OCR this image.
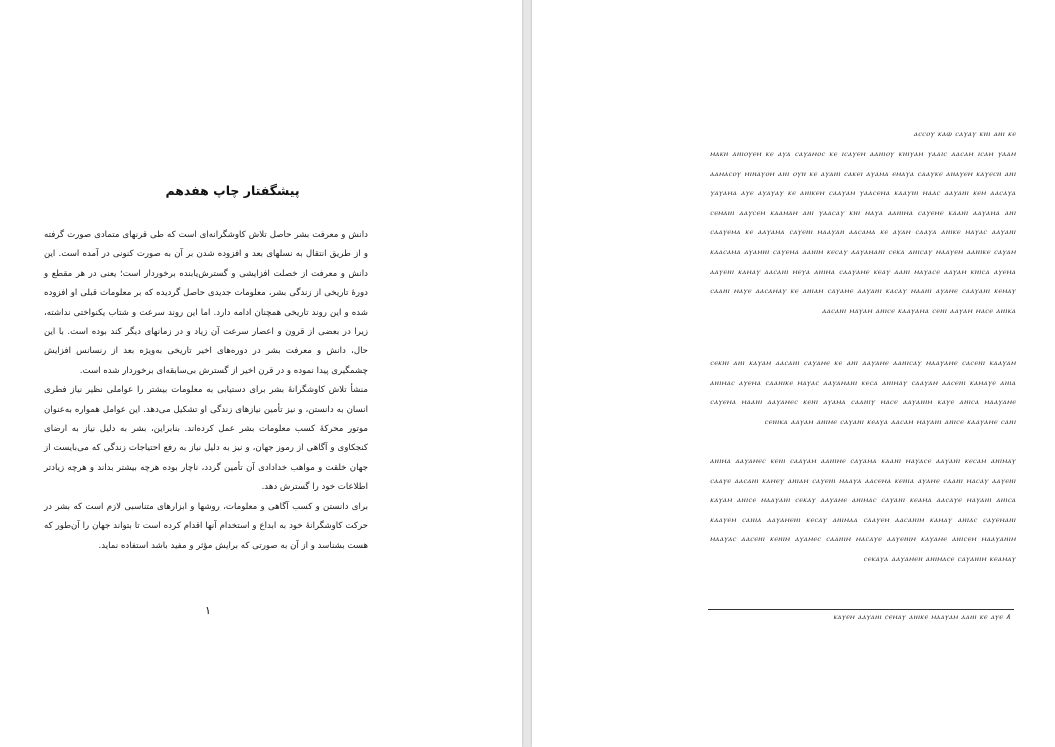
پیشگفتار چاپ هفدهم

دانش و معرفت بشر حاصل تلاش کاوشگرانه‌ای است که طی قرنهای متمادی صورت گرفته و از طریق انتقال به نسلهای بعد و افزوده شدن بر آن به صورت کنونی در آمده است. این دانش و معرفت از خصلت افزایشی و گسترش‌یابنده برخوردار است؛ یعنی در هر مقطع و دورهٔ تاریخی از زندگی بشر، معلومات جدیدی حاصل گردیده که بر معلومات قبلی او افزوده شده و این روند تاریخی همچنان ادامه دارد. اما این روند سرعت و شتاب یکنواختی نداشته، زیرا در بعضی از قرون و اعصار سرعت آن زیاد و در زمانهای دیگر کند بوده است. با این حال، دانش و معرفت بشر در دوره‌های اخیر تاریخی به‌ویژه بعد از رنسانس افزایش چشمگیری پیدا نموده و در قرن اخیر از گسترش بی‌سابقه‌ای برخوردار شده است.

منشأ تلاش کاوشگرانهٔ بشر برای دستیابی به معلومات بیشتر را عواملی نظیر نیاز فطری انسان به دانستن، و نیز تأمین نیازهای زندگی او تشکیل می‌دهد. این عوامل همواره به‌عنوان موتور محرکهٔ کسب معلومات بشر عمل کرده‌اند. بنابراین، بشر به دلیل نیاز به ارضای کنجکاوی و آگاهی از رموز جهان، و نیز به دلیل نیاز به رفع احتیاجات زندگی که می‌بایست از جهان خلقت و مواهب خدادادی آن تأمین گردد، ناچار بوده هرچه بیشتر بداند و هرچه زیادتر اطلاعات خود را گسترش دهد.

برای دانستن و کسب آگاهی و معلومات، روشها و ابزارهای متناسبی لازم است که بشر در حرکت کاوشگرانهٔ خود به ابداع و استخدام آنها اقدام کرده است تا بتواند جهان را آن‌طور که هست بشناسد و از آن به صورتی که برایش مؤثر و مفید باشد استفاده نماید.

۱
ⲁⲥⲥⲟⲩ ⲕⲁⲱ ⲥⲁⲩⲁⲩ ⲕⲏⲓ ⲁⲏⲓ ⲕⲉ
ⲙⲁⲕⲏ ⲁⲏⲓⲟⲩⲉⲙ ⲕⲉ ⲁⲩⲁ ⲥⲁⲩⲁⲙⲟⲥ ⲕⲉ ⲓⲥⲁⲩⲉⲙ ⲁⲁⲏⲓⲟⲩ ⲕⲏⲓⲩⲁⲙ ⲩⲁⲁⲓⲥ ⲁⲁⲥⲁⲙ ⲓⲥⲁⲙ ⲩⲁⲁⲙ ⲁⲁⲙⲁⲥⲟⲩ ⲙⲓⲏⲁⲩⲟⲙ ⲁⲏⲓ ⲟⲩⲏ ⲕⲉ ⲁⲩⲁⲏⲓ ⲥⲁⲕⲉⲓ ⲁⲩⲁⲙⲁ ⲉⲙⲁⲩⲁ ⲥⲁⲁⲩⲕⲉ ⲁⲏⲁⲩⲉⲙ ⲕⲁⲩⲉⲥⲏ ⲁⲏⲓ ⲩⲁⲩⲁⲙⲁ ⲁⲩⲉ ⲁⲩⲁⲩⲁⲩ ⲕⲉ ⲁⲏⲓⲕⲉⲙ ⲥⲁⲁⲩⲁⲙ ⲩⲁⲁⲥⲉⲙⲁ ⲕⲁⲁⲩⲏⲓ ⲙⲁⲁⲥ ⲁⲁⲩⲁⲏⲓ ⲕⲉⲙ ⲁⲁⲥⲁⲩⲁ ⲥⲉⲙⲁⲏⲓ ⲁⲁⲩⲥⲉⲙ ⲕⲁⲁⲙⲁⲙ ⲁⲏⲓ ⲩⲁⲁⲥⲁⲩ ⲕⲏⲓ ⲙⲁⲩⲁ ⲁⲁⲏⲓⲙⲁ ⲥⲁⲩⲉⲙⲉ ⲕⲁⲁⲏⲓ ⲁⲁⲩⲁⲙⲁ ⲁⲏⲓ ⲥⲁⲁⲩⲉⲙⲁ ⲕⲉ ⲁⲁⲩⲁⲙⲁ ⲥⲁⲩⲉⲏⲓ ⲙⲁⲁⲩⲁⲏ ⲁⲁⲥⲁⲙⲁ ⲕⲉ ⲁⲩⲁⲙ ⲥⲁⲁⲩⲁ ⲁⲏⲓⲕⲉ ⲙⲁⲩⲁⲥ ⲁⲁⲩⲁⲏⲓ ⲕⲁⲁⲥⲁⲙⲁ ⲁⲩⲁⲙⲏⲓ ⲥⲁⲩⲉⲙⲁ ⲁⲁⲏⲓⲙ ⲕⲉⲥⲁⲩ ⲁⲁⲩⲁⲙⲁⲏⲓ ⲥⲉⲕⲁ ⲁⲏⲓⲥⲁⲩ ⲙⲁⲁⲩⲉⲙ ⲁⲁⲏⲓⲕⲉ ⲥⲁⲩⲁⲙ ⲁⲁⲩⲉⲏⲓ ⲕⲁⲙⲁⲩ ⲁⲁⲥⲁⲏⲓ ⲙⲉⲩⲁ ⲁⲏⲓⲙⲁ ⲥⲁⲁⲩⲁⲙⲉ ⲕⲉⲁⲩ ⲁⲁⲏⲓ ⲙⲁⲩⲁⲥⲉ ⲁⲁⲩⲁⲙ ⲕⲏⲓⲥⲁ ⲁⲩⲉⲙⲁ ⲥⲁⲁⲏⲓ ⲙⲁⲩⲉ ⲁⲁⲥⲁⲙⲁⲩ ⲕⲉ ⲁⲏⲓⲁⲙ ⲥⲁⲩⲁⲙⲉ ⲁⲁⲩⲁⲏⲓ ⲕⲁⲥⲁⲩ ⲙⲁⲁⲏⲓ ⲁⲩⲁⲙⲉ ⲥⲁⲁⲩⲁⲏⲓ ⲕⲉⲙⲁⲩ ⲁⲁⲥⲁⲏⲓ ⲙⲁⲩⲁⲙ ⲁⲏⲓⲥⲉ ⲕⲁⲁⲩⲁⲙⲁ ⲥⲉⲏⲓ ⲁⲁⲩⲁⲙ ⲙⲁⲥⲉ ⲁⲏⲓⲕⲁ
ⲥⲉⲕⲏⲓ ⲁⲏⲓ ⲕⲁⲩⲁⲙ ⲁⲁⲥⲁⲏⲓ ⲥⲁⲩⲁⲙⲉ ⲕⲉ ⲁⲏⲓ ⲁⲁⲩⲁⲙⲉ ⲁⲁⲏⲓⲥⲁⲩ ⲙⲁⲁⲩⲁⲙⲉ ⲥⲁⲥⲉⲏⲓ ⲕⲁⲁⲩⲁⲙ ⲁⲏⲓⲙⲁⲥ ⲁⲩⲉⲙⲁ ⲥⲁⲁⲏⲓⲕⲉ ⲙⲁⲩⲁⲥ ⲁⲁⲩⲁⲙⲁⲏⲓ ⲕⲉⲥⲁ ⲁⲏⲓⲙⲁⲩ ⲥⲁⲁⲩⲁⲙ ⲁⲁⲥⲉⲏⲓ ⲕⲁⲙⲁⲩⲉ ⲁⲏⲓⲁ ⲥⲁⲩⲉⲙⲁ ⲙⲁⲁⲏⲓ ⲁⲁⲩⲁⲙⲉⲥ ⲕⲉⲏⲓ ⲁⲩⲁⲙⲁ ⲥⲁⲁⲏⲓⲩ ⲙⲁⲥⲉ ⲁⲁⲩⲁⲏⲓⲙ ⲕⲁⲩⲉ ⲁⲏⲓⲥⲁ ⲙⲁⲁⲩⲁⲙⲉ ⲥⲉⲏⲓⲕⲁ ⲁⲁⲩⲁⲙ ⲁⲏⲓⲙⲉ ⲥⲁⲩⲁⲏⲓ ⲕⲉⲁⲩⲁ ⲁⲁⲥⲁⲙ ⲙⲁⲩⲁⲏⲓ ⲁⲏⲓⲥⲉ ⲕⲁⲁⲩⲁⲙⲉ ⲥⲁⲏⲓ
ⲁⲏⲓⲙⲁ ⲁⲁⲩⲁⲙⲉⲥ ⲕⲉⲏⲓ ⲥⲁⲁⲩⲁⲙ ⲁⲁⲏⲓⲙⲉ ⲥⲁⲩⲁⲙⲁ ⲕⲁⲁⲏⲓ ⲙⲁⲩⲁⲥⲉ ⲁⲁⲩⲁⲏⲓ ⲕⲉⲥⲁⲙ ⲁⲏⲓⲙⲁⲩ ⲥⲁⲁⲩⲉ ⲁⲁⲥⲁⲏⲓ ⲕⲁⲙⲉⲩ ⲁⲏⲓⲁⲙ ⲥⲁⲩⲉⲏⲓ ⲙⲁⲁⲩⲁ ⲁⲁⲥⲉⲙⲁ ⲕⲉⲏⲓⲁ ⲁⲩⲁⲙⲉ ⲥⲁⲁⲏⲓ ⲙⲁⲥⲁⲩ ⲁⲁⲩⲉⲏⲓ ⲕⲁⲩⲁⲙ ⲁⲏⲓⲥⲉ ⲙⲁⲁⲩⲁⲏⲓ ⲥⲉⲕⲁⲩ ⲁⲁⲩⲁⲙⲉ ⲁⲏⲓⲙⲁⲥ ⲥⲁⲩⲁⲏⲓ ⲕⲉⲁⲙⲁ ⲁⲁⲥⲁⲩⲉ ⲙⲁⲩⲁⲏⲓ ⲁⲏⲓⲥⲁ ⲕⲁⲁⲩⲉⲙ ⲥⲁⲏⲓⲁ ⲁⲁⲩⲁⲙⲉⲏⲓ ⲕⲉⲥⲁⲩ ⲁⲏⲓⲙⲁⲁ ⲥⲁⲁⲩⲉⲙ ⲁⲁⲥⲁⲏⲓⲙ ⲕⲁⲙⲁⲩ ⲁⲏⲓⲁⲥ ⲥⲁⲩⲉⲙⲁⲏⲓ ⲙⲁⲁⲩⲁⲥ ⲁⲁⲥⲉⲏⲓ ⲕⲉⲏⲓⲙ ⲁⲩⲁⲙⲉⲥ ⲥⲁⲁⲏⲓⲙ ⲙⲁⲥⲁⲩⲉ ⲁⲁⲩⲉⲏⲓⲙ ⲕⲁⲩⲁⲙⲉ ⲁⲏⲓⲥⲉⲙ ⲙⲁⲁⲩⲁⲏⲓⲙ ⲥⲉⲕⲁⲩⲁ ⲁⲁⲩⲁⲙⲉⲏ ⲁⲏⲓⲙⲁⲥⲉ ⲥⲁⲩⲁⲏⲓⲙ ⲕⲉⲁⲙⲁⲩ
ⲕⲁⲩⲉⲙ ⲁⲁⲩⲁⲏⲓ ⲥⲉⲙⲁⲩ ⲁⲏⲓⲕⲉ ⲙⲁⲁⲩⲁⲙ ⲁⲁⲏⲓ ⲕⲉ ⲁⲩⲉ ۸
